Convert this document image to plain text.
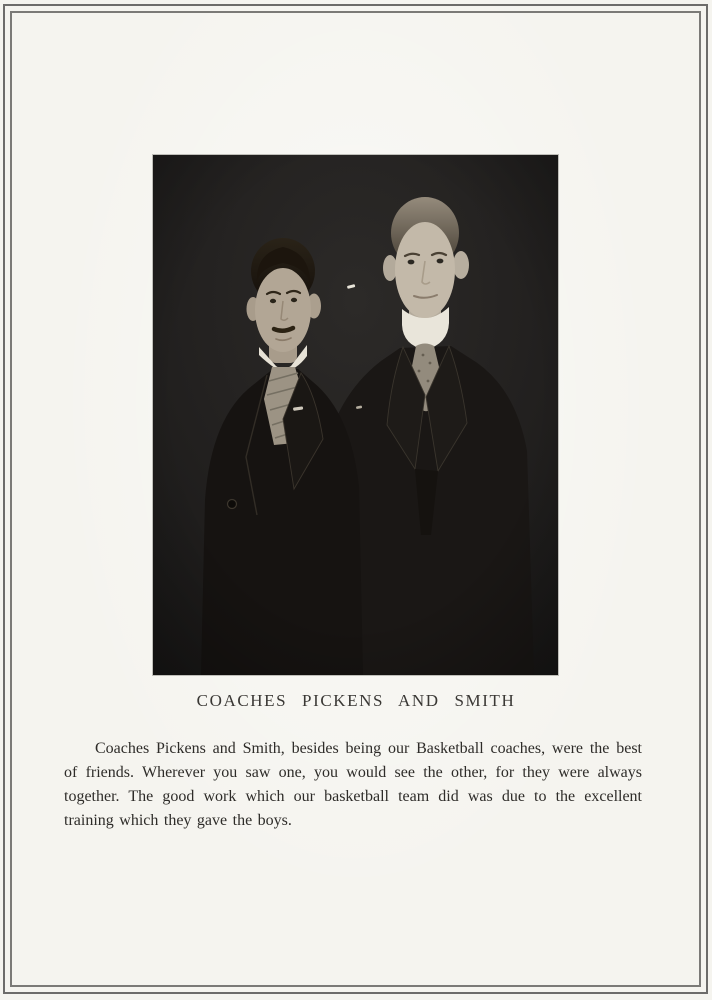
COACHES PICKENS AND SMITH
Coaches Pickens and Smith, besides being our Basketball coaches, were the best
of friends. Wherever you saw one, you would see the other, for they were always
together. The good work which our basketball team did was due to the excellent
training which they gave the boys.
